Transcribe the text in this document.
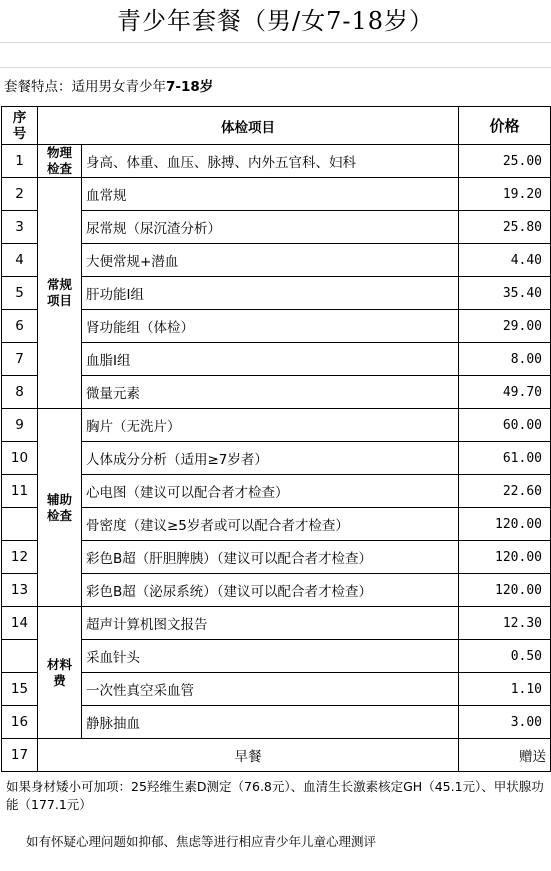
青少年套餐（男/女7-18岁）
套餐特点：适用男女青少年7-18岁
序号	体检项目		价格
1	物理检查	身高、体重、血压、脉搏、内外五官科、妇科	25.00
2	常规项目	血常规	19.20
3		尿常规（尿沉渣分析）	25.80
4		大便常规+潜血	4.40
5		肝功能Ⅰ组	35.40
6		肾功能组（体检）	29.00
7		血脂Ⅰ组	8.00
8		微量元素	49.70
9	辅助检查	胸片（无洗片）	60.00
10		人体成分分析（适用≥7岁者）	61.00
11		心电图（建议可以配合者才检查）	22.60
		骨密度（建议≥5岁者或可以配合者才检查）	120.00
12		彩色B超（肝胆脾胰）（建议可以配合者才检查）	120.00
13		彩色B超（泌尿系统）（建议可以配合者才检查）	120.00
14	材料费	超声计算机图文报告	12.30
		采血针头	0.50
15		一次性真空采血管	1.10
16		静脉抽血	3.00
17	早餐		赠送
如果身材矮小可加项：25羟维生素D测定（76.8元）、血清生长激素核定GH（45.1元）、甲状腺功能（177.1元）
如有怀疑心理问题如抑郁、焦虑等进行相应青少年儿童心理测评
